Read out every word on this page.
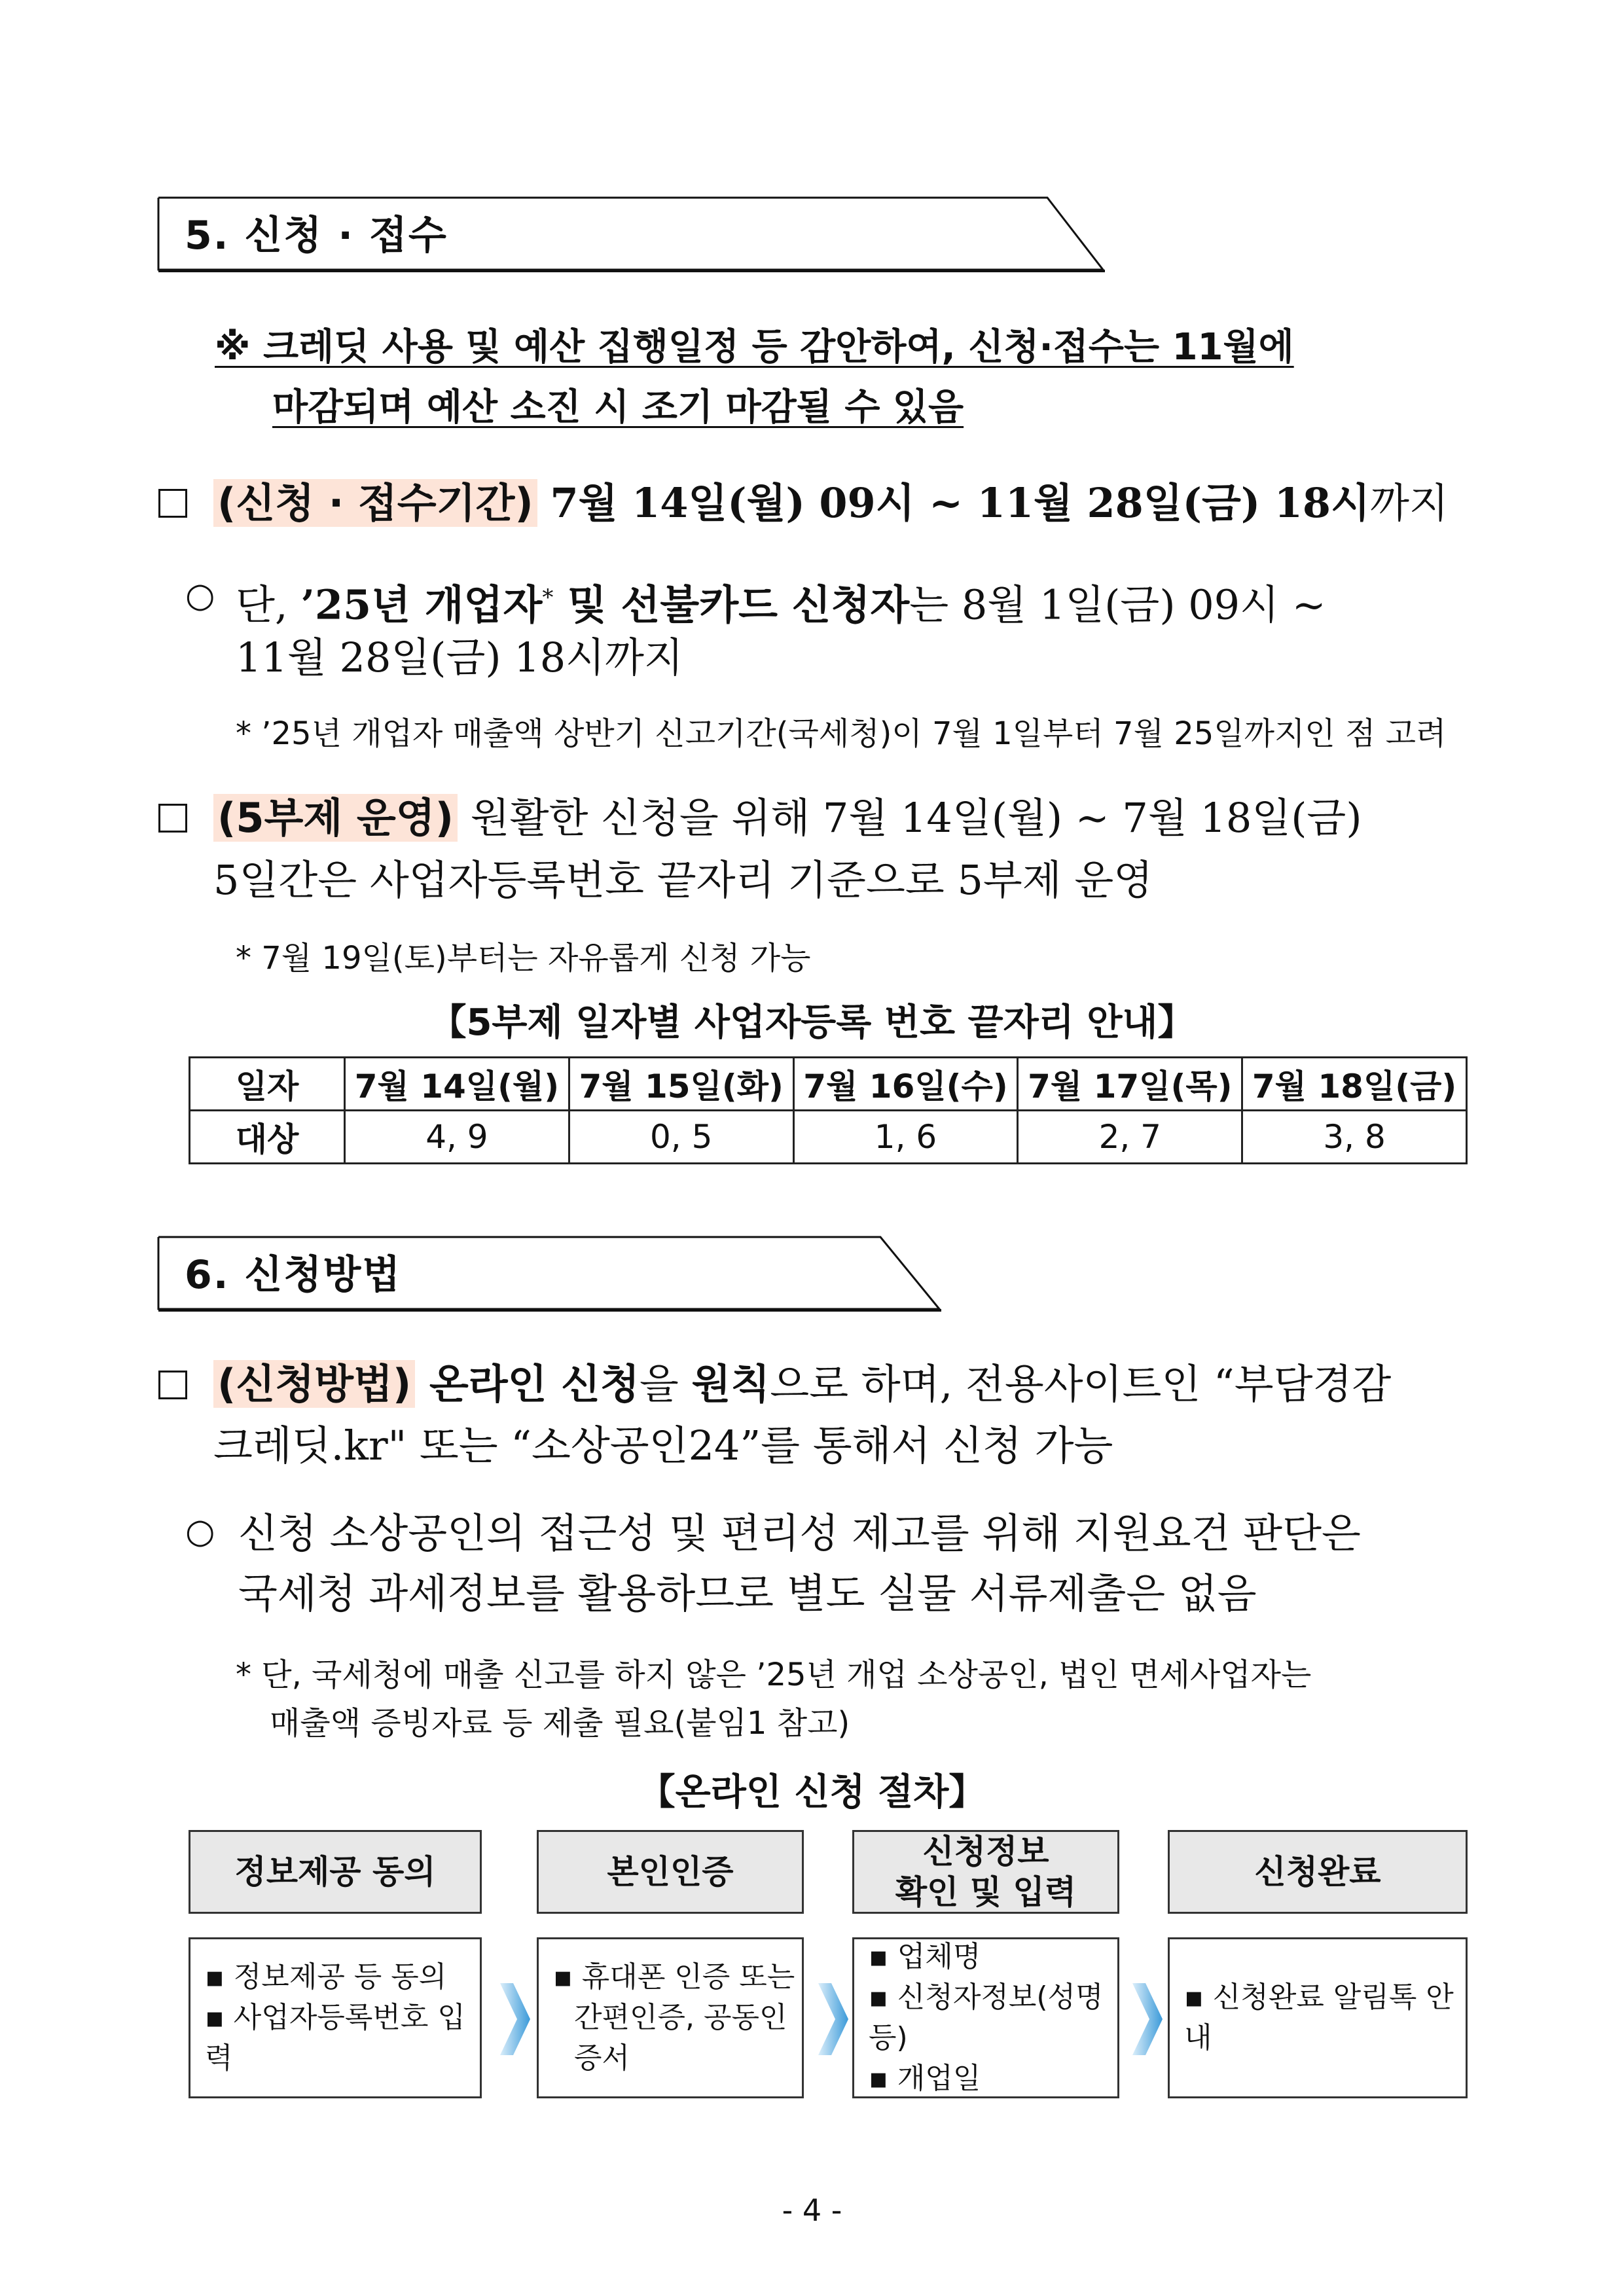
5. 신청 · 접수
※ 크레딧 사용 및 예산 집행일정 등 감안하여, 신청·접수는 11월에
마감되며 예산 소진 시 조기 마감될 수 있음
(신청 · 접수기간) 7월 14일(월) 09시 ~ 11월 28일(금) 18시까지
○ 단, ’25년 개업자* 및 선불카드 신청자는 8월 1일(금) 09시 ~
11월 28일(금) 18시까지
* ’25년 개업자 매출액 상반기 신고기간(국세청)이 7월 1일부터 7월 25일까지인 점 고려
(5부제 운영) 원활한 신청을 위해 7월 14일(월) ~ 7월 18일(금)
5일간은 사업자등록번호 끝자리 기준으로 5부제 운영
* 7월 19일(토)부터는 자유롭게 신청 가능
【5부제 일자별 사업자등록 번호 끝자리 안내】
일자	7월 14일(월)	7월 15일(화)	7월 16일(수)	7월 17일(목)	7월 18일(금)
대상	4, 9	0, 5	1, 6	2, 7	3, 8
6. 신청방법
(신청방법) 온라인 신청을 원칙으로 하며, 전용사이트인 “부담경감
크레딧.kr" 또는 “소상공인24”를 통해서 신청 가능
○ 신청 소상공인의 접근성 및 편리성 제고를 위해 지원요건 판단은
국세청 과세정보를 활용하므로 별도 실물 서류제출은 없음
* 단, 국세청에 매출 신고를 하지 않은 ’25년 개업 소상공인, 법인 면세사업자는
매출액 증빙자료 등 제출 필요(붙임1 참고)
【온라인 신청 절차】
정보제공 동의	본인인증
신청정보
확인 및 입력
신청완료
▪ 정보제공 등 동의
▪ 사업자등록번호 입력
▪ 휴대폰 인증 또는
간편인증, 공동인증서
▪ 업체명
▪ 신청자정보(성명 등)
▪ 개업일
▪ 신청완료 알림톡 안내
- 4 -
